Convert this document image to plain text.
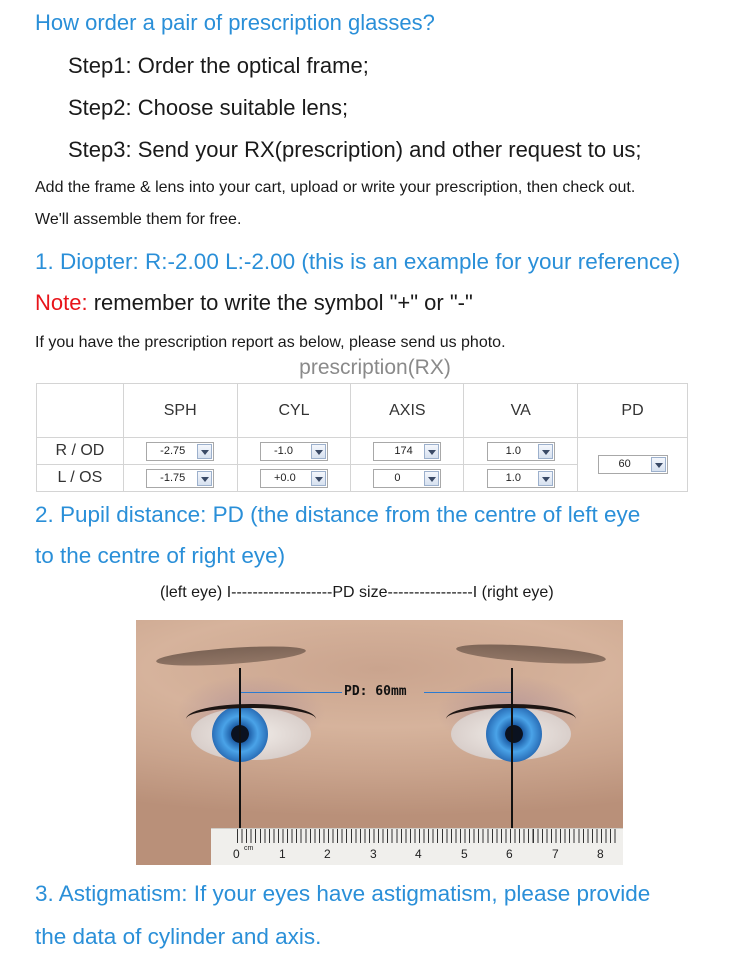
How order a pair of prescription glasses?
Step1: Order the optical frame;
Step2: Choose suitable lens;
Step3: Send your RX(prescription) and other request to us;
Add the frame & lens into your cart, upload or write your prescription, then check out.
We'll assemble them for free.
1. Diopter: R:-2.00 L:-2.00 (this is an example for your reference)
Note: remember to write the symbol "+" or "-"
If you have the prescription report as below, please send us photo.
prescription(RX)
	SPH	CYL	AXIS	VA	PD
R / OD	-2.75	-1.0	174	1.0	60

L / OS	-1.75	+0.0	0	1.0	
2. Pupil distance: PD (the distance from the centre of left eye
to the centre of right eye)
(left eye) I-------------------PD size----------------I (right eye)
PD: 60mm
0 cm 1	2	3	4	5	6	7	8
3. Astigmatism: If your eyes have astigmatism, please provide
the data of cylinder and axis.
